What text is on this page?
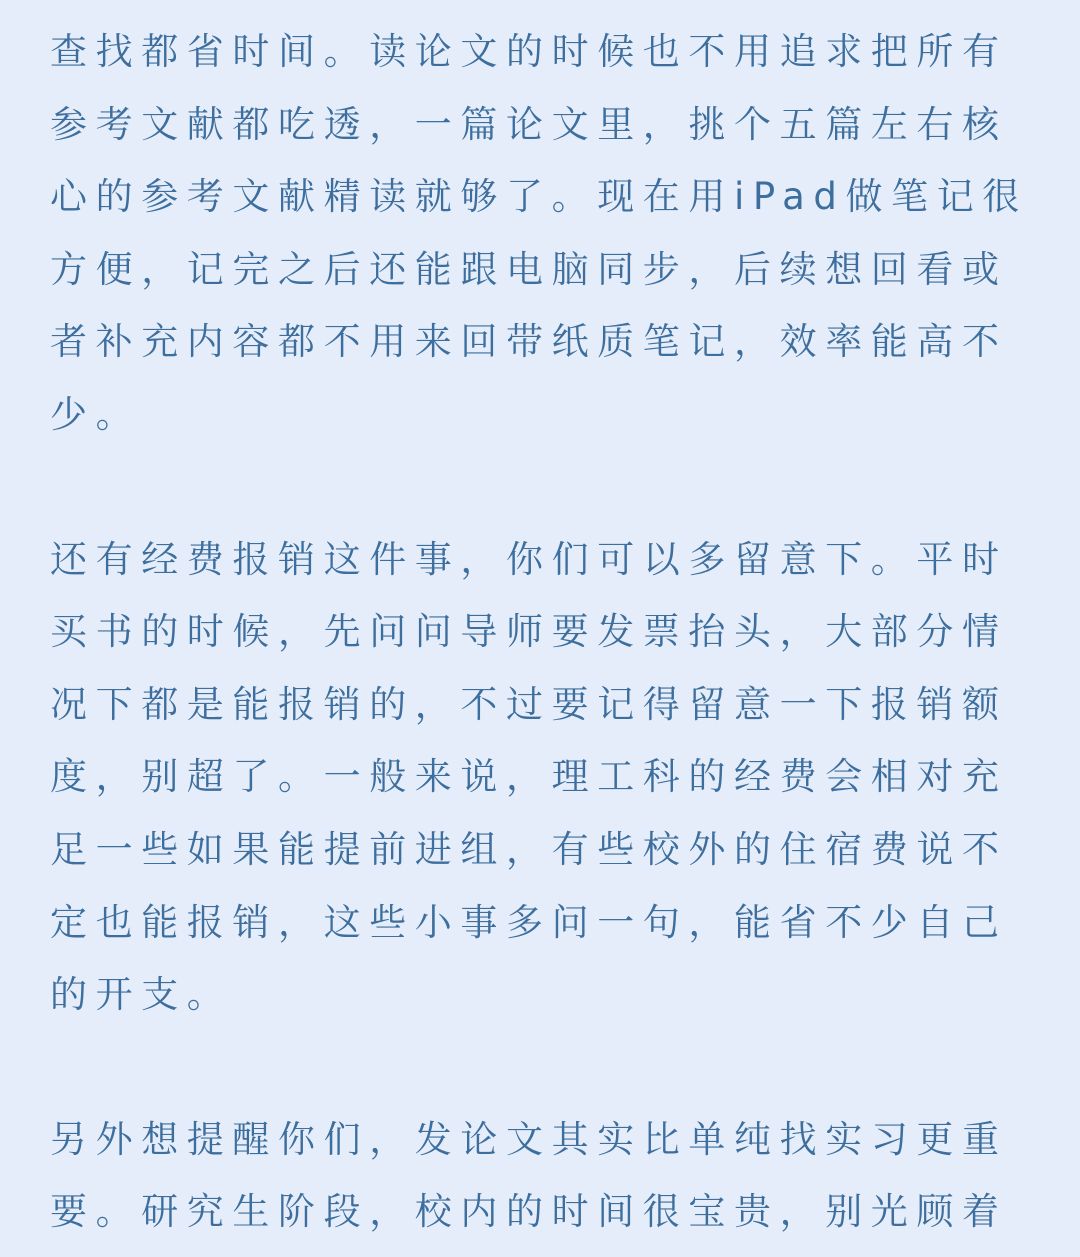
查找都省时间。读论文的时候也不用追求把所有
参考文献都吃透，一篇论文里，挑个五篇左右核
心的参考文献精读就够了。现在用iPad做笔记很
方便，记完之后还能跟电脑同步，后续想回看或
者补充内容都不用来回带纸质笔记，效率能高不
少。
还有经费报销这件事，你们可以多留意下。平时
买书的时候，先问问导师要发票抬头，大部分情
况下都是能报销的，不过要记得留意一下报销额
度，别超了。一般来说，理工科的经费会相对充
足一些如果能提前进组，有些校外的住宿费说不
定也能报销，这些小事多问一句，能省不少自己
的开支。
另外想提醒你们，发论文其实比单纯找实习更重
要。研究生阶段，校内的时间很宝贵，别光顾着
